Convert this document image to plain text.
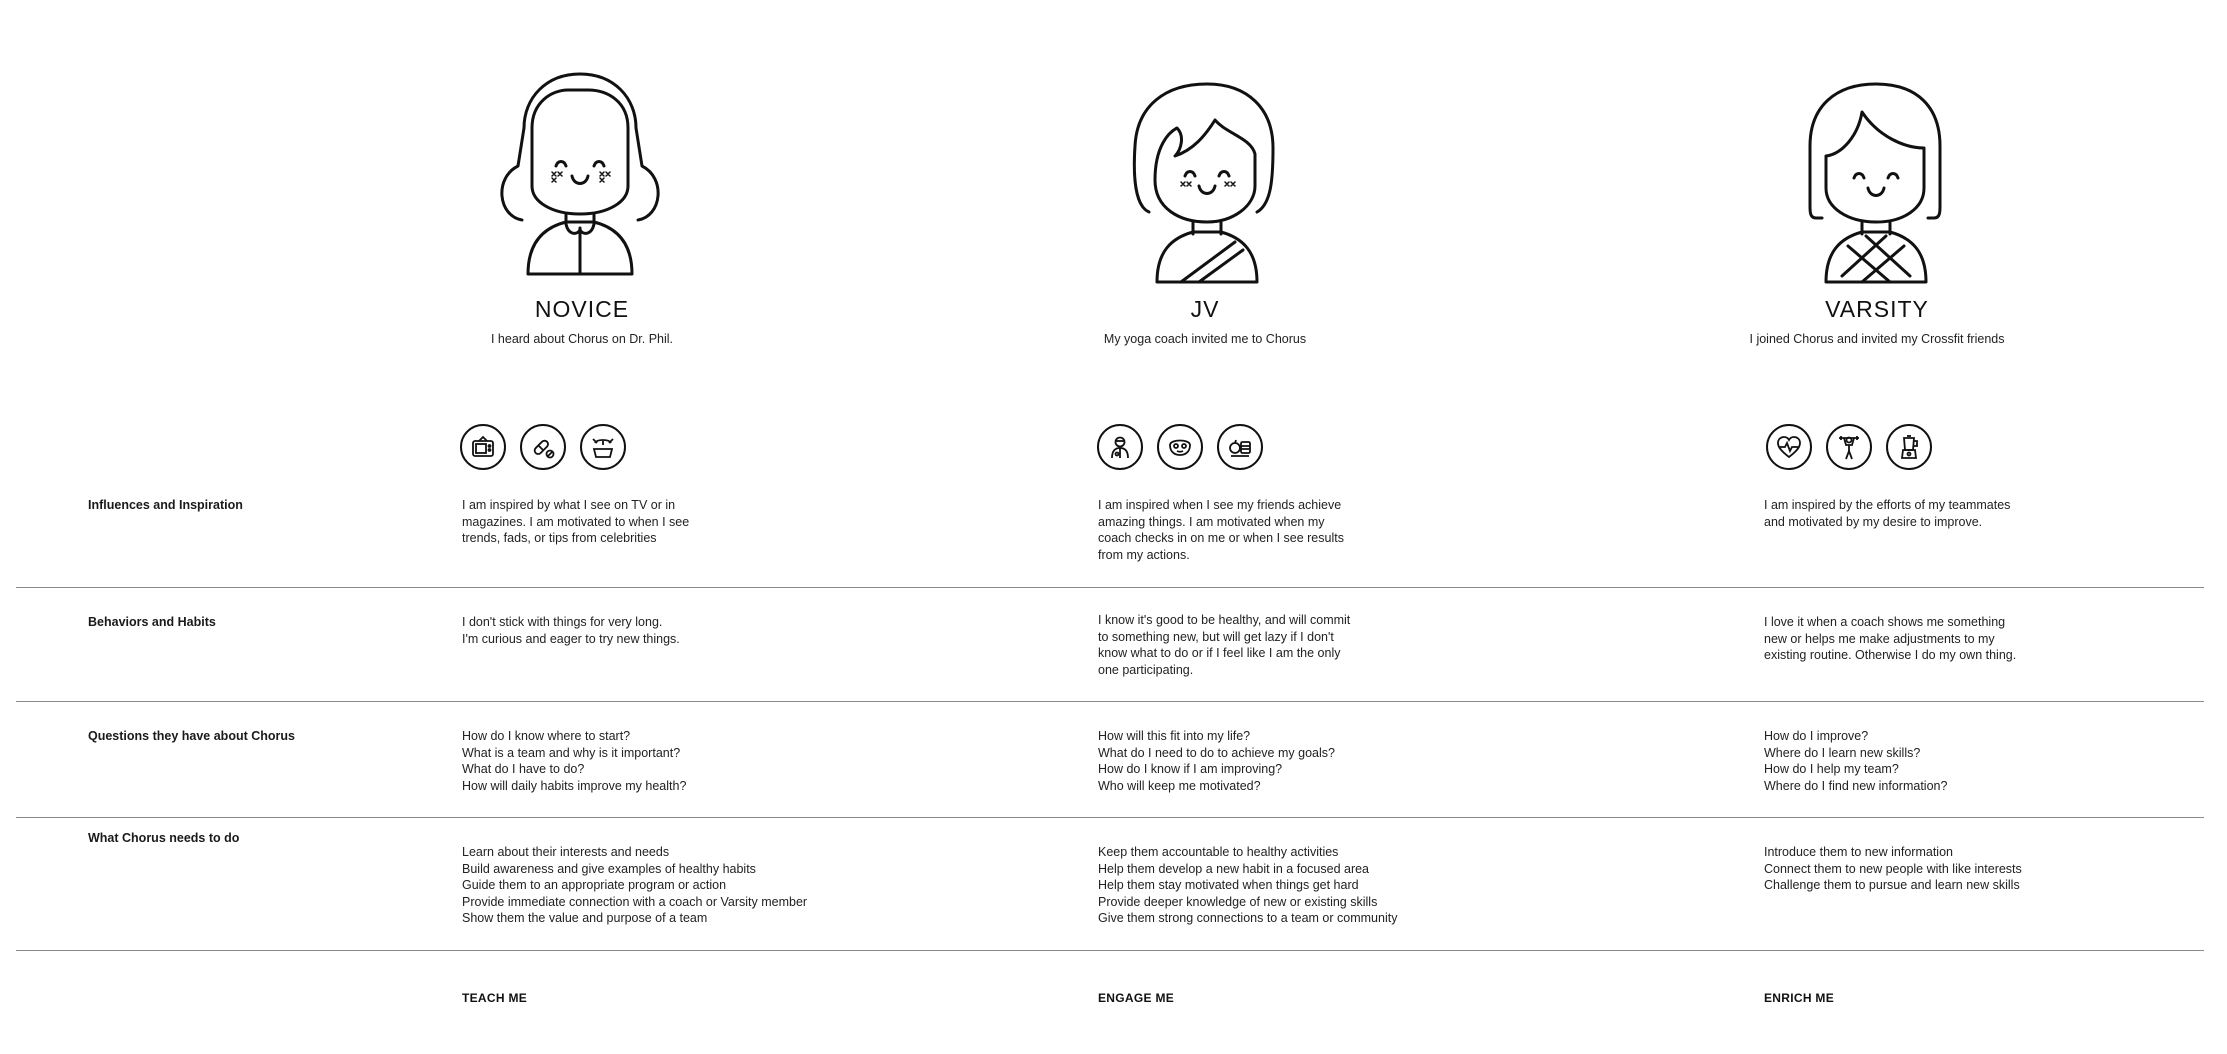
NOVICE
I heard about Chorus on Dr. Phil.
JV
My yoga coach invited me to Chorus
VARSITY
I joined Chorus and invited my Crossfit friends
Influences and Inspiration
Behaviors and Habits
Questions they have about Chorus
What Chorus needs to do
I am inspired by what I see on TV or in
magazines. I am motivated to when I see
trends, fads, or tips from celebrities
I don't stick with things for very long.
I'm curious and eager to try new things.
How do I know where to start?
What is a team and why is it important?
What do I have to do?
How will daily habits improve my health?
Learn about their interests and needs
Build awareness and give examples of healthy habits
Guide them to an appropriate program or action
Provide immediate connection with a coach or Varsity member
Show them the value and purpose of a team
I am inspired when I see my friends achieve
amazing things. I am motivated when my
coach checks in on me or when I see results
from my actions.
I know it's good to be healthy, and will commit
to something new, but will get lazy if I don't
know what to do or if I feel like I am the only
one participating.
How will this fit into my life?
What do I need to do to achieve my goals?
How do I know if I am improving?
Who will keep me motivated?
Keep them accountable to healthy activities
Help them develop a new habit in a focused area
Help them stay motivated when things get hard
Provide deeper knowledge of new or existing skills
Give them strong connections to a team or community
I am inspired by the efforts of my teammates
and motivated by my desire to improve.
I love it when a coach shows me something
new or helps me make adjustments to my
existing routine. Otherwise I do my own thing.
How do I improve?
Where do I learn new skills?
How do I help my team?
Where do I find new information?
Introduce them to new information
Connect them to new people with like interests
Challenge them to pursue and learn new skills
TEACH ME	ENGAGE ME	ENRICH ME
